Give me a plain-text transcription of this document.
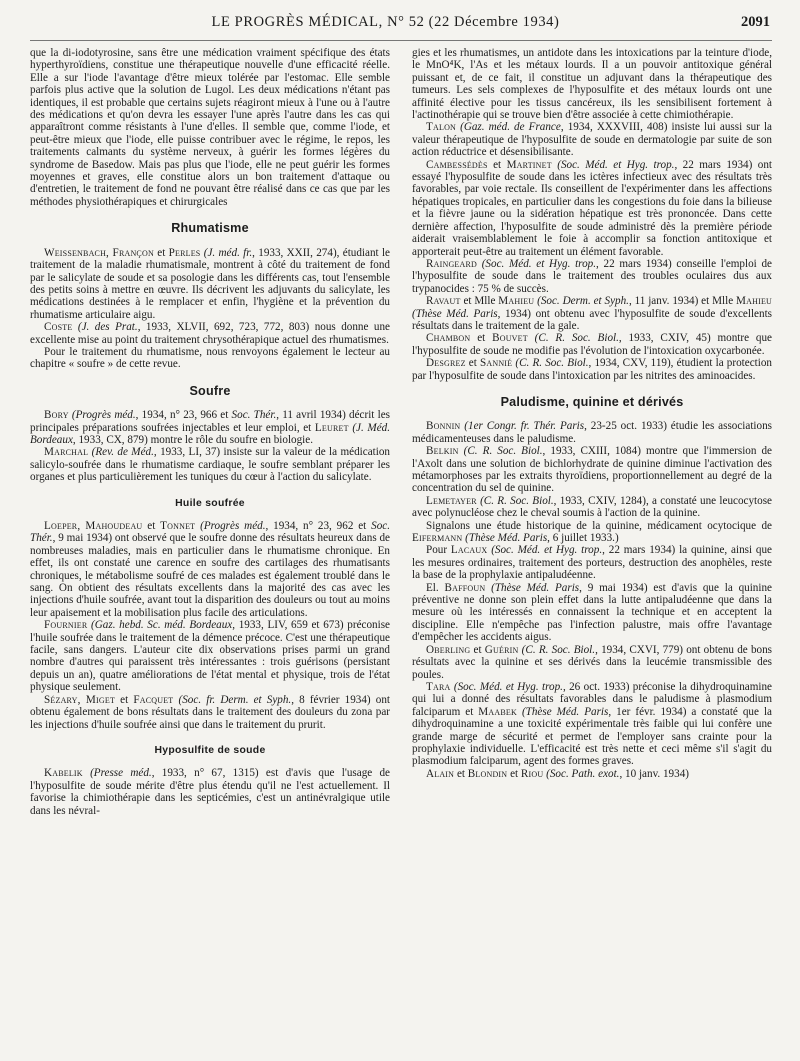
LE PROGRÈS MÉDICAL, N° 52 (22 Décembre 1934)	2091

que la di-iodotyrosine, sans être une médication vraiment spécifique des états hyperthyroïdiens, constitue une thérapeutique nouvelle d'une efficacité réelle. Elle a sur l'iode l'avantage d'être mieux tolérée par l'estomac. Elle semble parfois plus active que la solution de Lugol. Les deux médications n'étant pas identiques, il est probable que certains sujets réagiront mieux à l'une ou à l'autre des médications et qu'on devra les essayer l'une après l'autre dans les cas qui apparaîtront comme résistants à l'une d'elles. Il semble que, comme l'iode, et peut-être mieux que l'iode, elle puisse contribuer avec le régime, le repos, les traitements calmants du système nerveux, à guérir les formes légères du syndrome de Basedow. Mais pas plus que l'iode, elle ne peut guérir les formes moyennes et graves, elle constitue alors un bon traitement d'attaque ou d'entretien, le traitement de fond ne pouvant être réalisé dans ce cas que par les méthodes physiothérapiques et chirurgicales

Rhumatisme

Weissenbach, Françon et Perles (J. méd. fr., 1933, XXII, 274), étudiant le traitement de la maladie rhumatismale, montrent à côté du traitement de fond par le salicylate de soude et sa posologie dans les différents cas, tout l'ensemble des petits soins à mettre en œuvre. Ils décrivent les adjuvants du salicylate, les médications destinées à le remplacer et enfin, l'hygiène et la prévention du rhumatisme articulaire aigu.

Coste (J. des Prat., 1933, XLVII, 692, 723, 772, 803) nous donne une excellente mise au point du traitement chrysothérapique actuel des rhumatismes.

Pour le traitement du rhumatisme, nous renvoyons également le lecteur au chapitre « soufre » de cette revue.

Soufre

Bory (Progrès méd., 1934, n° 23, 966 et Soc. Thér., 11 avril 1934) décrit les principales préparations soufrées injectables et leur emploi, et Leuret (J. Méd. Bordeaux, 1933, CX, 879) montre le rôle du soufre en biologie.

Marchal (Rev. de Méd., 1933, LI, 37) insiste sur la valeur de la médication salicylo-soufrée dans le rhumatisme cardiaque, le soufre semblant préparer les organes et plus particulièrement les tuniques du cœur à l'action du salicylate.

Huile soufrée

Loeper, Mahoudeau et Tonnet (Progrès méd., 1934, n° 23, 962 et Soc. Thér., 9 mai 1934) ont observé que le soufre donne des résultats heureux dans de nombreuses maladies, mais en particulier dans le rhumatisme chronique. En effet, ils ont constaté une carence en soufre des cartilages des rhumatisants chroniques, le métabolisme soufré de ces malades est également troublé dans le sang. On obtient des résultats excellents dans la majorité des cas avec les injections d'huile soufrée, avant tout la disparition des douleurs ou tout au moins leur apaisement et la mobilisation plus facile des articulations.

Fournier (Gaz. hebd. Sc. méd. Bordeaux, 1933, LIV, 659 et 673) préconise l'huile soufrée dans le traitement de la démence précoce. C'est une thérapeutique facile, sans dangers. L'auteur cite dix observations prises parmi un grand nombre d'autres qui paraissent très intéressantes : trois guérisons (persistant depuis un an), quatre améliorations de l'état mental et physique, trois de l'état physique seulement.

Sézary, Miget et Facquet (Soc. fr. Derm. et Syph., 8 février 1934) ont obtenu également de bons résultats dans le traitement des douleurs du zona par les injections d'huile soufrée ainsi que dans le traitement du prurit.

Hyposulfite de soude

Kabelik (Presse méd., 1933, n° 67, 1315) est d'avis que l'usage de l'hyposulfite de soude mérite d'être plus étendu qu'il ne l'est actuellement. Il favorise la chimiothérapie dans les septicémies, c'est un antinévralgique utile dans les névral-

gies et les rhumatismes, un antidote dans les intoxications par la teinture d'iode, le MnO⁴K, l'As et les métaux lourds. Il a un pouvoir antitoxique général puissant et, de ce fait, il constitue un adjuvant dans la thérapeutique des tumeurs. Les sels complexes de l'hyposulfite et des métaux lourds ont une affinité élective pour les tissus cancéreux, ils les sensibilisent fortement à l'actinothérapie qui se trouve bien d'être associée à cette chimiothérapie.

Talon (Gaz. méd. de France, 1934, XXXVIII, 408) insiste lui aussi sur la valeur thérapeutique de l'hyposulfite de soude en dermatologie par suite de son action réductrice et désensibilisante.

Cambessédès et Martinet (Soc. Méd. et Hyg. trop., 22 mars 1934) ont essayé l'hyposulfite de soude dans les ictères infectieux avec des résultats très favorables, par voie rectale. Ils conseillent de l'expérimenter dans les affections hépatiques tropicales, en particulier dans les congestions du foie dans la bilieuse et la fièvre jaune ou la sidération hépatique est très prononcée. Dans cette dernière affection, l'hyposulfite de soude administré dès la première période aiderait vraisemblablement le foie à accomplir sa fonction antitoxique et apporterait peut-être au traitement un élément favorable.

Raingeard (Soc. Méd. et Hyg. trop., 22 mars 1934) conseille l'emploi de l'hyposulfite de soude dans le traitement des troubles oculaires dus aux trypanocides : 75 % de succès.

Ravaut et Mlle Mahieu (Soc. Derm. et Syph., 11 janv. 1934) et Mlle Mahieu (Thèse Méd. Paris, 1934) ont obtenu avec l'hyposulfite de soude d'excellents résultats dans le traitement de la gale.

Chambon et Bouvet (C. R. Soc. Biol., 1933, CXIV, 45) montre que l'hyposulfite de soude ne modifie pas l'évolution de l'intoxication oxycarbonée.

Desgrez et Sannié (C. R. Soc. Biol., 1934, CXV, 119), étudient la protection par l'hyposulfite de soude dans l'intoxication par les nitrites des aminoacides.

Paludisme, quinine et dérivés

Bonnin (1er Congr. fr. Thér. Paris, 23-25 oct. 1933) étudie les associations médicamenteuses dans le paludisme.

Belkin (C. R. Soc. Biol., 1933, CXIII, 1084) montre que l'immersion de l'Axolt dans une solution de bichlorhydrate de quinine diminue l'activation des métamorphoses par les extraits thyroïdiens, proportionnellement au degré de la concentration du sel de quinine.

Lemetayer (C. R. Soc. Biol., 1933, CXIV, 1284), a constaté une leucocytose avec polynucléose chez le cheval soumis à l'action de la quinine.

Signalons une étude historique de la quinine, médicament ocytocique de Eifermann (Thèse Méd. Paris, 6 juillet 1933.)

Pour Lacaux (Soc. Méd. et Hyg. trop., 22 mars 1934) la quinine, ainsi que les mesures ordinaires, traitement des porteurs, destruction des anophèles, reste la base de la prophylaxie antipaludéenne.

El. Baffoun (Thèse Méd. Paris, 9 mai 1934) est d'avis que la quinine préventive ne donne son plein effet dans la lutte antipaludéenne que dans la mesure où les intéressés en connaissent la technique et en acceptent la discipline. Elle n'empêche pas l'infection palustre, mais offre l'avantage d'empêcher les accidents aigus.

Oberling et Guérin (C. R. Soc. Biol., 1934, CXVI, 779) ont obtenu de bons résultats avec la quinine et ses dérivés dans la leucémie transmissible des poules.

Tara (Soc. Méd. et Hyg. trop., 26 oct. 1933) préconise la dihydroquinamine qui lui a donné des résultats favorables dans le paludisme à plasmodium falciparum et Maabek (Thèse Méd. Paris, 1er févr. 1934) a constaté que la dihydroquinamine a une toxicité expérimentale très faible qui lui confère une grande marge de sécurité et permet de l'employer sans crainte pour la prophylaxie individuelle. L'efficacité est très nette et ceci même s'il s'agit du plasmodium falciparum, agent des formes graves.

Alain et Blondin et Riou (Soc. Path. exot., 10 janv. 1934)
